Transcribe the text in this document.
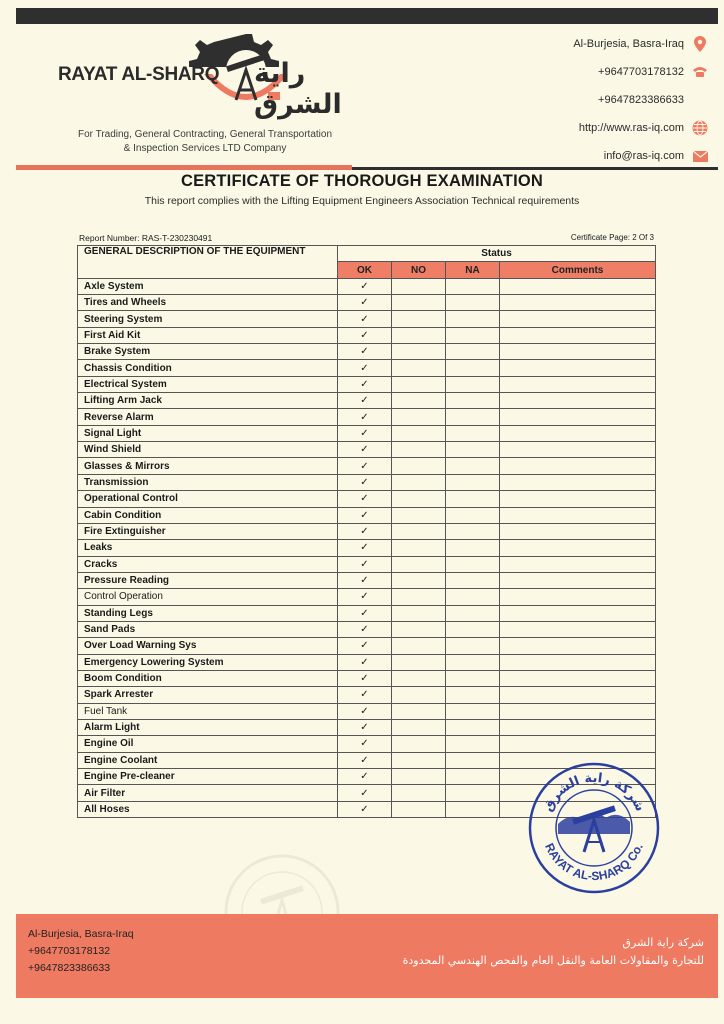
RAYAT AL-SHARQ راية الشرق
For Trading, General Contracting, General Transportation
& Inspection Services LTD Company
Al-Burjesia, Basra-Iraq
+9647703178132
+9647823386633
http://www.ras-iq.com
info@ras-iq.com
CERTIFICATE OF THOROUGH EXAMINATION
This report complies with the Lifting Equipment Engineers Association Technical requirements
Report Number: RAS-T-230230491	Certificate Page: 2 Of 3
GENERAL DESCRIPTION OF THE EQUIPMENT	Status			
	OK	NO	NA	Comments
Axle System	✓			
Tires and Wheels	✓			
Steering System	✓			
First Aid Kit	✓			
Brake System	✓			
Chassis Condition	✓			
Electrical System	✓			
Lifting Arm Jack	✓			
Reverse Alarm	✓			
Signal Light	✓			
Wind Shield	✓			
Glasses & Mirrors	✓			
Transmission	✓			
Operational Control	✓			
Cabin Condition	✓			
Fire Extinguisher	✓			
Leaks	✓			
Cracks	✓			
Pressure Reading	✓			
Control Operation	✓			
Standing Legs	✓			
Sand Pads	✓			
Over Load Warning Sys	✓			
Emergency Lowering System	✓			
Boom Condition	✓			
Spark Arrester	✓			
Fuel Tank	✓			
Alarm Light	✓			
Engine Oil	✓			
Engine Coolant	✓			
Engine Pre-cleaner	✓			
Air Filter	✓			
All Hoses	✓				شركة راية الشرق
RAYAT AL-SHARQ Co.
Al-Burjesia, Basra-Iraq
+9647703178132
+9647823386633
شركة راية الشرق
للتجارة والمقاولات العامة والنقل العام والفحص الهندسي المحدودة
